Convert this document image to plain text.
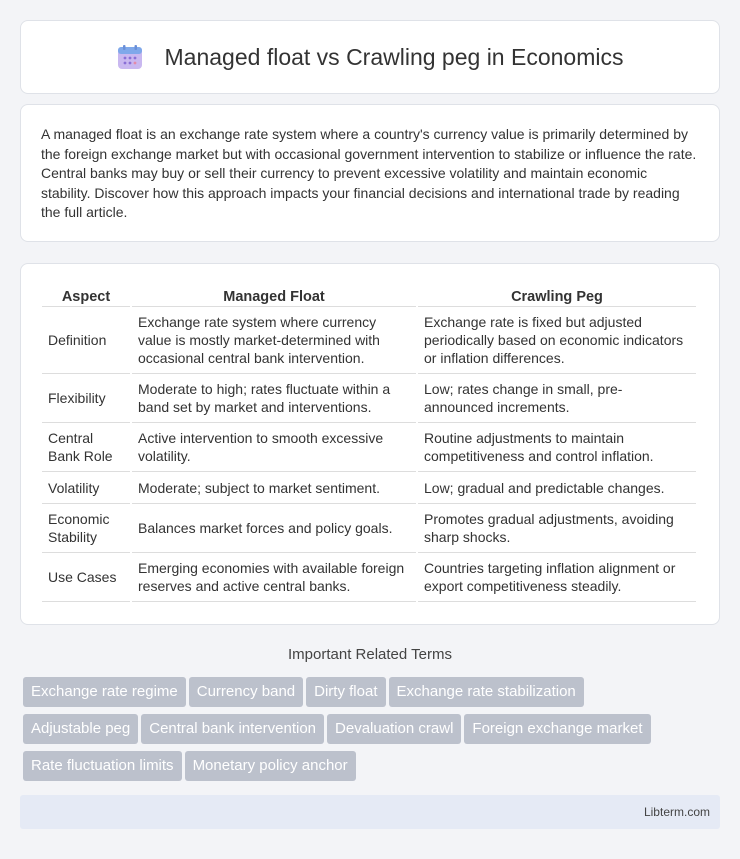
Managed float vs Crawling peg in Economics

A managed float is an exchange rate system where a country's currency value is primarily determined by the foreign exchange market but with occasional government intervention to stabilize or influence the rate. Central banks may buy or sell their currency to prevent excessive volatility and maintain economic stability. Discover how this approach impacts your financial decisions and international trade by reading the full article.

Aspect	Managed Float	Crawling Peg
Definition	Exchange rate system where currency value is mostly market-determined with occasional central bank intervention.	Exchange rate is fixed but adjusted periodically based on economic indicators or inflation differences.
Flexibility	Moderate to high; rates fluctuate within a band set by market and interventions.	Low; rates change in small, pre-announced increments.
Central Bank Role	Active intervention to smooth excessive volatility.	Routine adjustments to maintain competitiveness and control inflation.
Volatility	Moderate; subject to market sentiment.	Low; gradual and predictable changes.
Economic Stability	Balances market forces and policy goals.	Promotes gradual adjustments, avoiding sharp shocks.
Use Cases	Emerging economies with available foreign reserves and active central banks.	Countries targeting inflation alignment or export competitiveness steadily.
Important Related Terms
Exchange rate regime Currency band Dirty float Exchange rate stabilization
Adjustable peg Central bank intervention Devaluation crawl Foreign exchange market
Rate fluctuation limits Monetary policy anchor
Libterm.com
